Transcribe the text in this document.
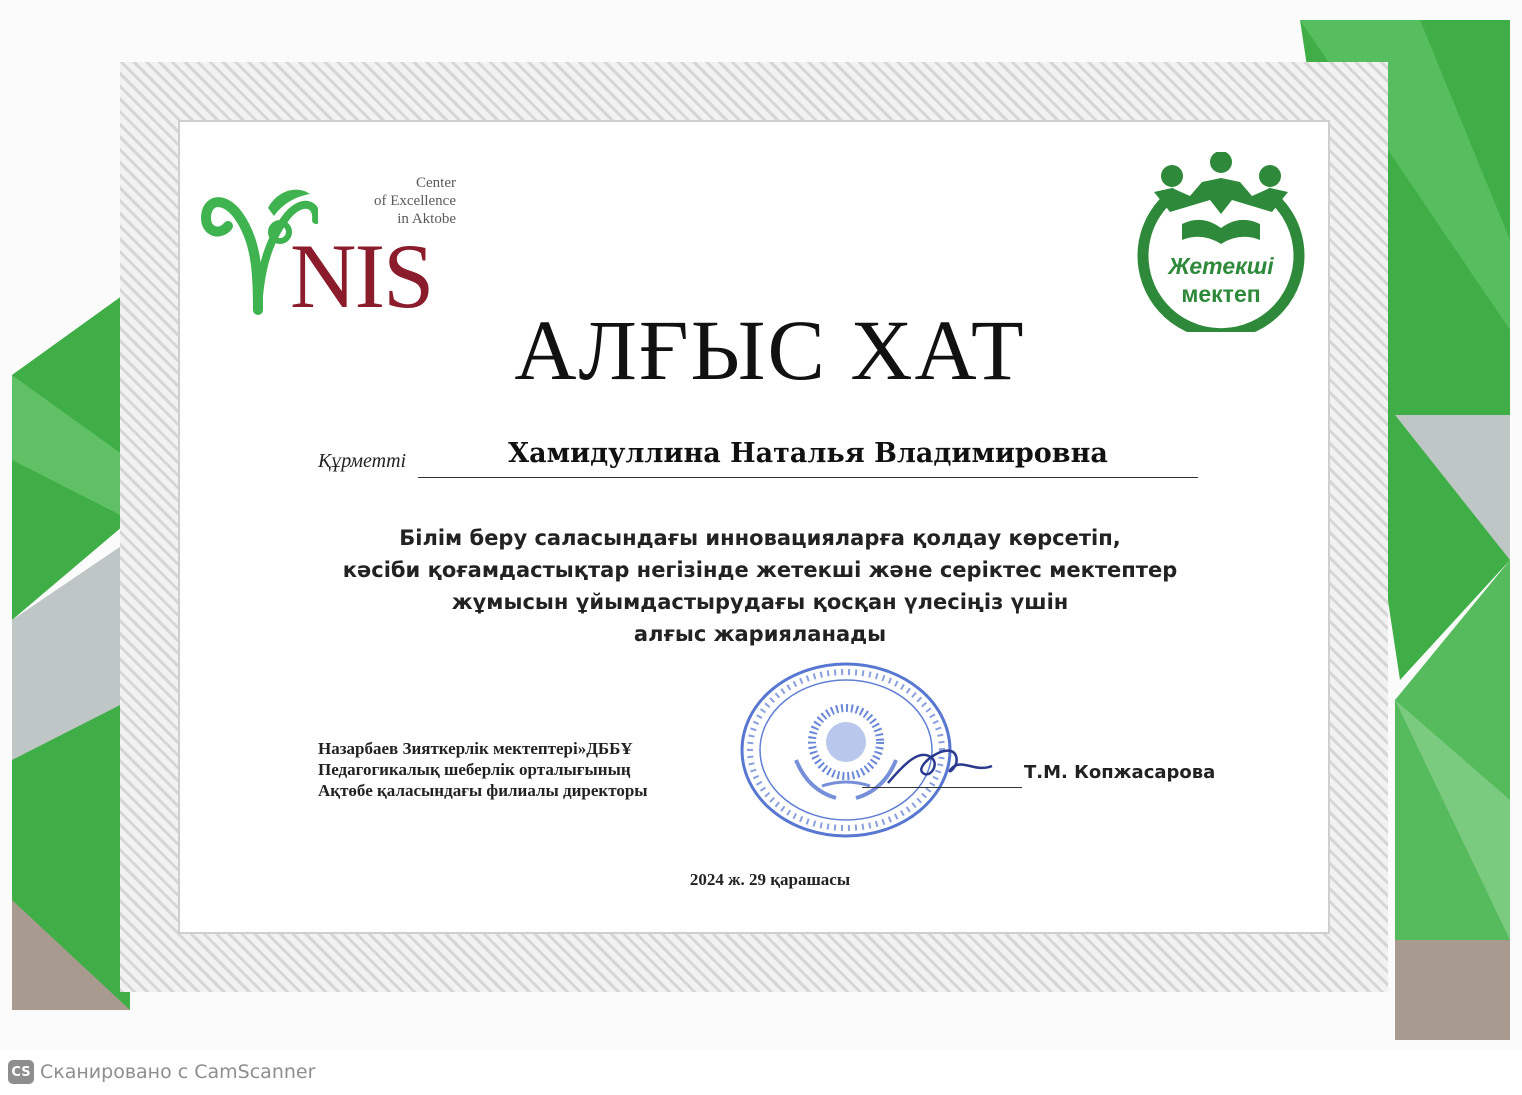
Center
of Excellence
in Aktobe
NIS	Жетекші
мектеп
АЛҒЫС ХАТ
Құрметті	Хамидуллина Наталья Владимировна
Білім беру саласындағы инновацияларға қолдау көрсетіп,
кәсіби қоғамдастықтар негізінде жетекші және серіктес мектептер
жұмысын ұйымдастырудағы қосқан үлесіңіз үшін
алғыс жарияланады
Назарбаев Зияткерлік мектептері»ДББҰ
Педагогикалық шеберлік орталығының
Ақтөбе қаласындағы филиалы директоры
Т.М. Копжасарова
2024 ж. 29 қарашасы
CS Сканировано с CamScanner
